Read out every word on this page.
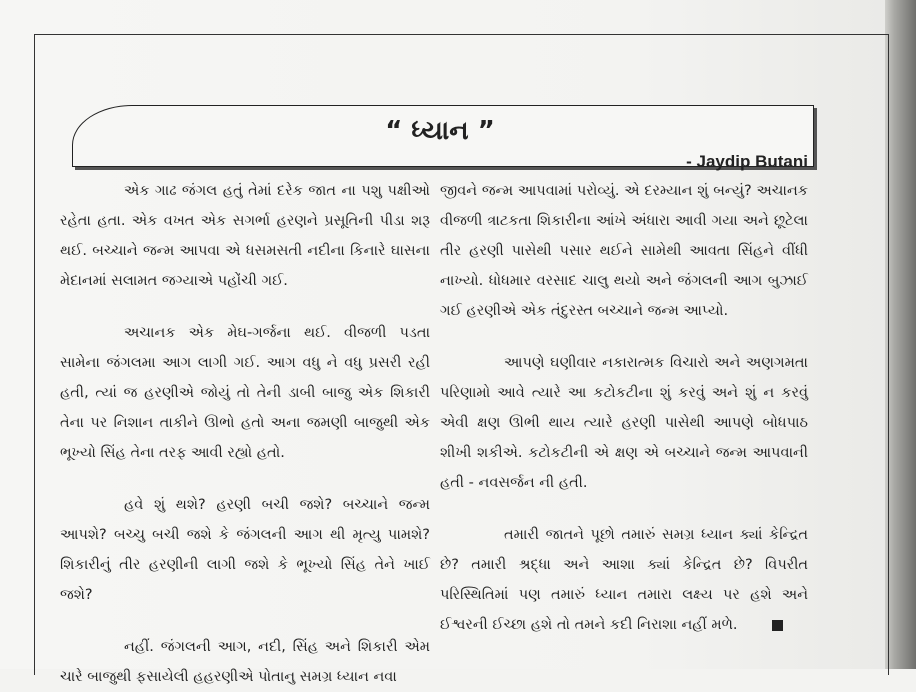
“ ધ્યાન ”
- Jaydip Butani

એક ગાઢ જંગલ હતું તેમાં દરેક જાત ના પશુ પક્ષીઓ રહેતા હતા. એક વખત એક સગર્ભા હરણને પ્રસૂતિની પીડા શરૂ થઈ. બચ્ચાને જન્મ આપવા એ ધસમસતી નદીના કિનારે ઘાસના મેદાનમાં સલામત જગ્યાએ પહોંચી ગઈ.

અચાનક એક મેઘ-ગર્જના થઈ. વીજળી પડતા સામેના જંગલમા આગ લાગી ગઈ. આગ વધુ ને વધુ પ્રસરી રહી હતી, ત્યાં જ હરણીએ જોયું તો તેની ડાબી બાજુ એક શિકારી તેના પર નિશાન તાકીને ઊભો હતો અના જમણી બાજુથી એક ભૂખ્યો સિંહ તેના તરફ આવી રહ્યો હતો.

હવે શું થશે? હરણી બચી જશે? બચ્ચાને જન્મ આપશે? બચ્ચુ બચી જશે કે જંગલની આગ થી મૃત્યુ પામશે? શિકારીનું તીર હરણીની લાગી જશે કે ભૂખ્યો સિંહ તેને ખાઈ જશે?

નહીં. જંગલની આગ, નદી, સિંહ અને શિકારી એમ ચારે બાજુથી ફસાયેલી હહરણીએ પોતાનુ સમગ્ર ધ્યાન નવા

જીવને જન્મ આપવામાં પરોવ્યું. એ દરમ્યાન શું બન્યું? અચાનક વીજળી ત્રાટકતા શિકારીના આંખે અંધારા આવી ગયા અને છૂટેલા તીર હરણી પાસેથી પસાર થઈને સામેથી આવતા સિંહને વીંધી નાખ્યો. ધોધમાર વરસાદ ચાલુ થયો અને જંગલની આગ બુઝાઈ ગઈ હરણીએ એક તંદુરસ્ત બચ્ચાને જન્મ આપ્યો.

આપણે ઘણીવાર નકારાત્મક વિચારો અને અણગમતા પરિણામો આવે ત્યારે આ કટોકટીના શું કરવું અને શું ન કરવું એવી ક્ષણ ઊભી થાય ત્યારે હરણી પાસેથી આપણે બોધપાઠ શીખી શકીએ. કટોકટીની એ ક્ષણ એ બચ્ચાને જન્મ આપવાની હતી - નવસર્જન ની હતી.

તમારી જાતને પૂછો તમારું સમગ્ર ધ્યાન ક્યાં કેન્દ્રિત છે? તમારી શ્રદ્ધા અને આશા ક્યાં કેન્દ્રિત છે? વિપરીત પરિસ્થિતિમાં પણ તમારું ધ્યાન તમારા લક્ષ્ય પર હશે અને ઈશ્વરની ઈચ્છા હશે તો તમને કદી નિરાશા નહીં મળે.
